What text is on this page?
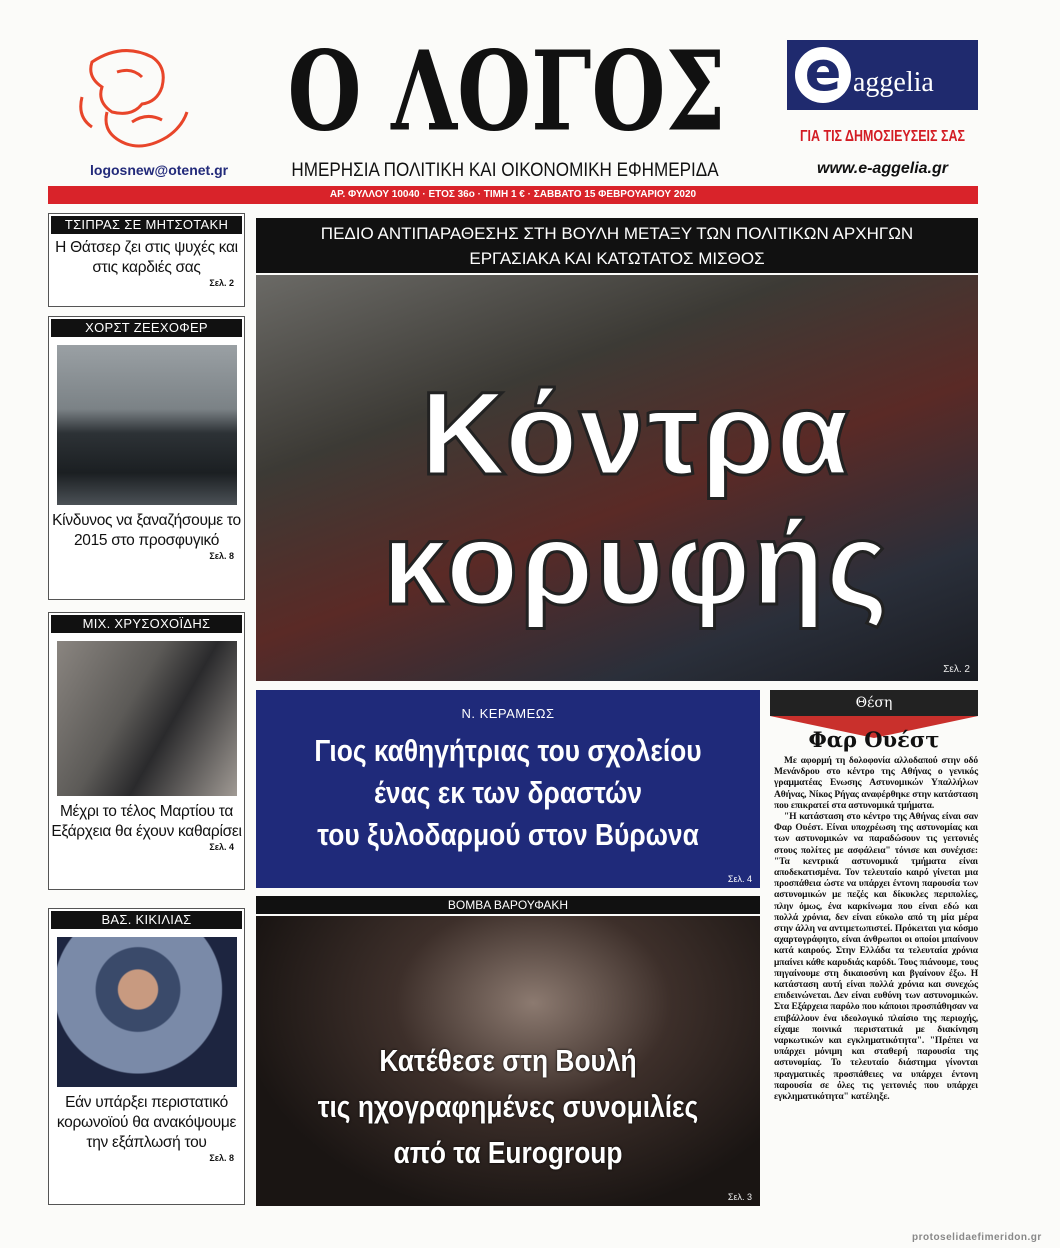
logosnew@otenet.gr
Ο ΛΟΓΟΣ
ΗΜΕΡΗΣΙΑ ΠΟΛΙΤΙΚΗ ΚΑΙ ΟΙΚΟΝΟΜΙΚΗ ΕΦΗΜΕΡΙΔΑ
e aggelia
ΓΙΑ ΤΙΣ ΔΗΜΟΣΙΕΥΣΕΙΣ ΣΑΣ
www.e-aggelia.gr
ΑΡ. ΦΥΛΛΟΥ 10040 · ΕΤΟΣ 36ο · ΤΙΜΗ 1 € · ΣΑΒΒΑΤΟ 15 ΦΕΒΡΟΥΑΡΙΟΥ 2020
ΤΣΙΠΡΑΣ ΣΕ ΜΗΤΣΟΤΑΚΗ
Η Θάτσερ ζει στις ψυχές και στις καρδιές σας
Σελ. 2
ΧΟΡΣΤ ΖΕΕΧΟΦΕΡ
Κίνδυνος να ξαναζήσουμε το 2015 στο προσφυγικό
Σελ. 8
ΜΙΧ. ΧΡΥΣΟΧΟΪΔΗΣ
Μέχρι το τέλος Μαρτίου τα Εξάρχεια θα έχουν καθαρίσει
Σελ. 4
ΒΑΣ. ΚΙΚΙΛΙΑΣ
Εάν υπάρξει περιστατικό κορωνοϊού θα ανακόψουμε την εξάπλωσή του
Σελ. 8
ΠΕΔΙΟ ΑΝΤΙΠΑΡΑΘΕΣΗΣ ΣΤΗ ΒΟΥΛΗ ΜΕΤΑΞΥ ΤΩΝ ΠΟΛΙΤΙΚΩΝ ΑΡΧΗΓΩΝ
ΕΡΓΑΣΙΑΚΑ ΚΑΙ ΚΑΤΩΤΑΤΟΣ ΜΙΣΘΟΣ
Κόντρα
κορυφής
Σελ. 2
Ν. ΚΕΡΑΜΕΩΣ
Γιος καθηγήτριας του σχολείου
ένας εκ των δραστών
του ξυλοδαρμού στον Βύρωνα
Σελ. 4
ΒΟΜΒΑ ΒΑΡΟΥΦΑΚΗ
Κατέθεσε στη Βουλή
τις ηχογραφημένες συνομιλίες
από τα Eurogroup
Σελ. 3
Θέση
Φαρ Ουέστ

Με αφορμή τη δολοφονία αλλοδαπού στην οδό Μενάνδρου στο κέντρο της Αθήνας ο γενικός γραμματέας Ενωσης Αστυνομικών Υπαλλήλων Αθήνας, Νίκος Ρήγας αναφέρθηκε στην κατάσταση που επικρατεί στα αστυνομικά τμήματα.

"Η κατάσταση στο κέντρο της Αθήνας είναι σαν Φαρ Ουέστ. Είναι υποχρέωση της αστυνομίας και των αστυνομικών να παραδώσουν τις γειτονιές στους πολίτες με ασφάλεια" τόνισε και συνέχισε: "Τα κεντρικά αστυνομικά τμήματα είναι αποδεκατισμένα. Τον τελευταίο καιρό γίνεται μια προσπάθεια ώστε να υπάρχει έντονη παρουσία των αστυνομικών με πεζές και δίκυκλες περιπολίες, πλην όμως, ένα καρκίνωμα που είναι εδώ και πολλά χρόνια, δεν είναι εύκολο από τη μία μέρα στην άλλη να αντιμετωπιστεί. Πρόκειται για κόσμο αχαρτογράφητο, είναι άνθρωποι οι οποίοι μπαίνουν κατά καιρούς. Στην Ελλάδα τα τελευταία χρόνια μπαίνει κάθε καρυδιάς καρύδι. Τους πιάνουμε, τους πηγαίνουμε στη δικαιοσύνη και βγαίνουν έξω. Η κατάσταση αυτή είναι πολλά χρόνια και συνεχώς επιδεινώνεται. Δεν είναι ευθύνη των αστυνομικών. Στα Εξάρχεια παρόλο που κάποιοι προσπάθησαν να επιβάλλουν ένα ιδεολογικό πλαίσιο της περιοχής, είχαμε ποινικά περιστατικά με διακίνηση ναρκωτικών και εγκληματικότητα". "Πρέπει να υπάρχει μόνιμη και σταθερή παρουσία της αστυνομίας. Το τελευταίο διάστημα γίνονται πραγματικές προσπάθειες να υπάρχει έντονη παρουσία σε όλες τις γειτονιές που υπάρχει εγκληματικότητα" κατέληξε.

protoselidaefimeridon.gr
